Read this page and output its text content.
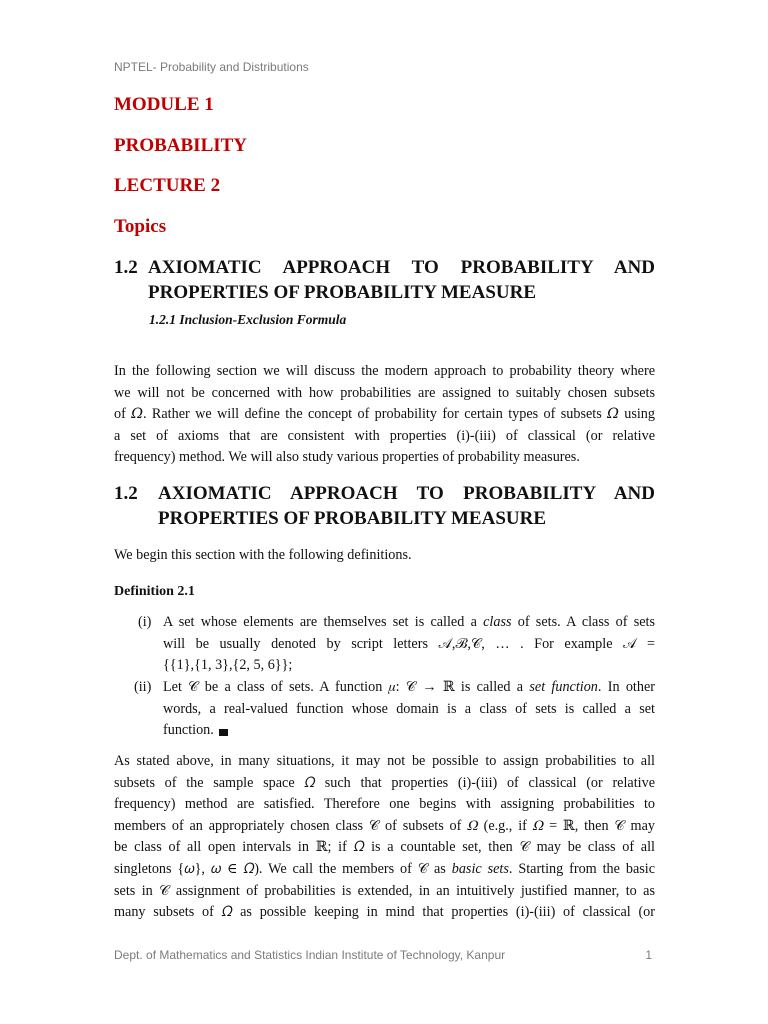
NPTEL- Probability and Distributions
MODULE 1
PROBABILITY
LECTURE 2
Topics
1.2 AXIOMATIC APPROACH TO PROBABILITY AND
PROPERTIES OF PROBABILITY MEASURE
1.2.1 Inclusion-Exclusion Formula
In the following section we will discuss the modern approach to probability theory where
we will not be concerned with how probabilities are assigned to suitably chosen subsets
of 𝛺. Rather we will define the concept of probability for certain types of subsets 𝛺 using
a set of axioms that are consistent with properties (i)-(iii) of classical (or relative
frequency) method. We will also study various properties of probability measures.
1.2	AXIOMATIC APPROACH TO PROBABILITY AND
PROPERTIES OF PROBABILITY MEASURE
We begin this section with the following definitions.
Definition 2.1
(i) A set whose elements are themselves set is called a class of sets. A class of sets
will be usually denoted by script letters 𝒜,ℬ,𝒞, … . For example 𝒜 =
{{1},{1, 3},{2, 5, 6}};
(ii) Let 𝒞 be a class of sets. A function 𝜇: 𝒞 → ℝ is called a set function. In other
words, a real-valued function whose domain is a class of sets is called a set
function.
As stated above, in many situations, it may not be possible to assign probabilities to all
subsets of the sample space 𝛺 such that properties (i)-(iii) of classical (or relative
frequency) method are satisfied. Therefore one begins with assigning probabilities to
members of an appropriately chosen class 𝒞 of subsets of 𝛺 (e.g., if 𝛺 = ℝ, then 𝒞 may
be class of all open intervals in ℝ; if 𝛺 is a countable set, then 𝒞 may be class of all
singletons {𝜔}, 𝜔 ∈ 𝛺). We call the members of 𝒞 as basic sets. Starting from the basic
sets in 𝒞 assignment of probabilities is extended, in an intuitively justified manner, to as
many subsets of 𝛺 as possible keeping in mind that properties (i)-(iii) of classical (or
Dept. of Mathematics and Statistics Indian Institute of Technology, Kanpur	1
